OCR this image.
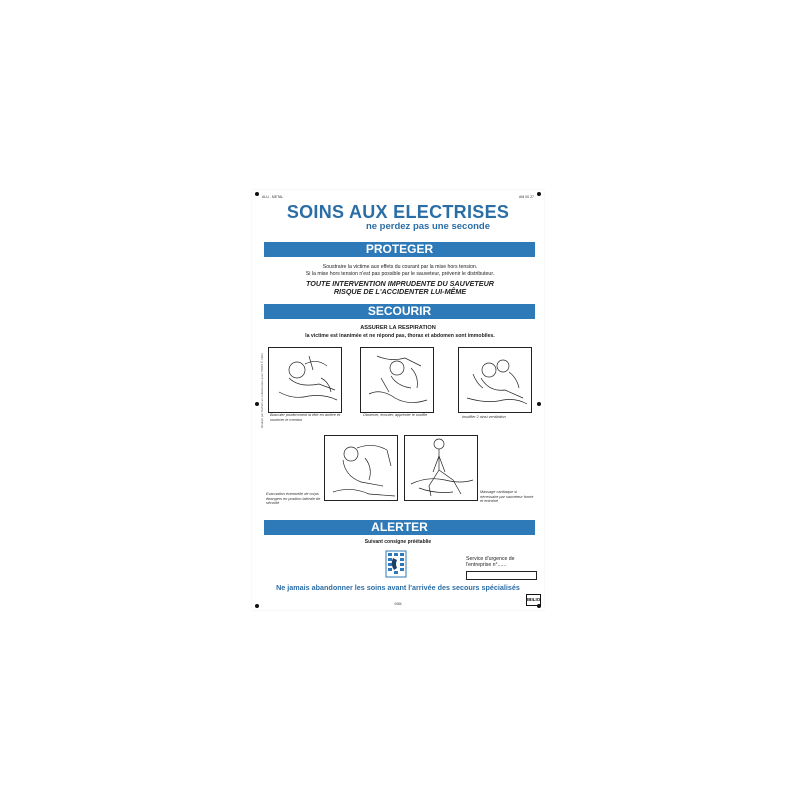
ALU - METAL	AM 00 27
SOINS AUX ELECTRISES
ne perdez pas une seconde
PROTEGER
Soustraire la victime aux effets du courant par la mise hors tension.
Si la mise hors tension n'est pas possible par le sauveteur, prévenir le distributeur.
TOUTE INTERVENTION IMPRUDENTE DU SAUVETEUR
RISQUE DE L'ACCIDENTER LUI-MÊME
SECOURIR
ASSURER LA RESPIRATION
la victime est inanimée et ne répond pas, thorax et abdomen sont immobiles.
Basculer prudemment la tête en arrière et soulever le menton
Observer, écouter, apprécier le souffle	Insuffler 2 ainsi ventilation
Evacuation éventuelle de corps étrangers en position latérale de sécurité
Massage cardiaque si nécessaire par sauveteur formé et entraîné
Réalisé par SATEC en collaboration avec l'INRS © 1993
ALERTER
Suivant consigne préétablie
Service d'urgence de
l'entreprise n°......
Ne jamais abandonner les soins avant l'arrivée des secours spécialisés
0084
IBILIO
